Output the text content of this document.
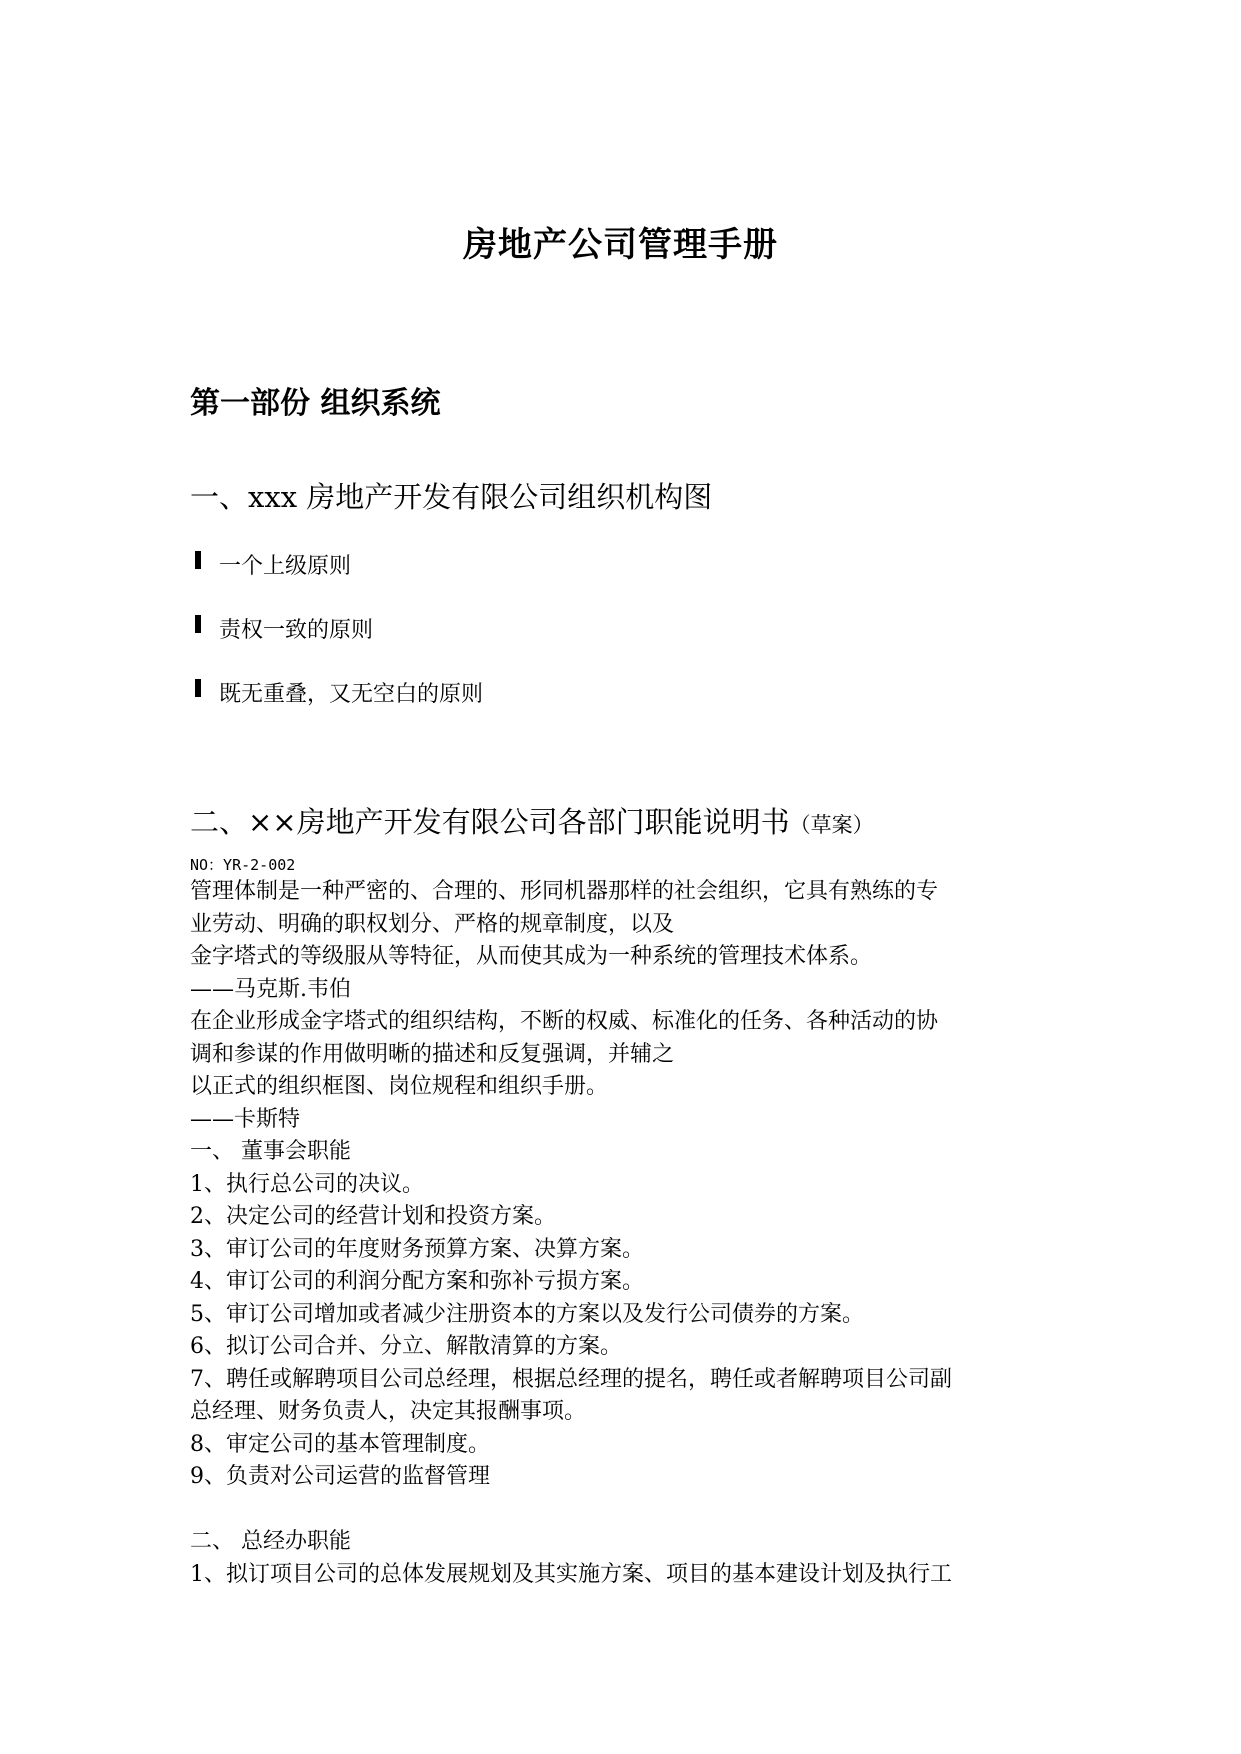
房地产公司管理手册
第一部份 组织系统
一、xxx 房地产开发有限公司组织机构图
一个上级原则
责权一致的原则
既无重叠，又无空白的原则
二、××房地产开发有限公司各部门职能说明书（草案）
NO：YR-2-002
管理体制是一种严密的、合理的、形同机器那样的社会组织，它具有熟练的专
业劳动、明确的职权划分、严格的规章制度，以及
金字塔式的等级服从等特征，从而使其成为一种系统的管理技术体系。
——马克斯.韦伯
在企业形成金字塔式的组织结构，不断的权威、标准化的任务、各种活动的协
调和参谋的作用做明晰的描述和反复强调，并辅之
以正式的组织框图、岗位规程和组织手册。
——卡斯特
一、 董事会职能
1、执行总公司的决议。
2、决定公司的经营计划和投资方案。
3、审订公司的年度财务预算方案、决算方案。
4、审订公司的利润分配方案和弥补亏损方案。
5、审订公司增加或者减少注册资本的方案以及发行公司债券的方案。
6、拟订公司合并、分立、解散清算的方案。
7、聘任或解聘项目公司总经理，根据总经理的提名，聘任或者解聘项目公司副
总经理、财务负责人，决定其报酬事项。
8、审定公司的基本管理制度。
9、负责对公司运营的监督管理
二、 总经办职能
1、拟订项目公司的总体发展规划及其实施方案、项目的基本建设计划及执行工
